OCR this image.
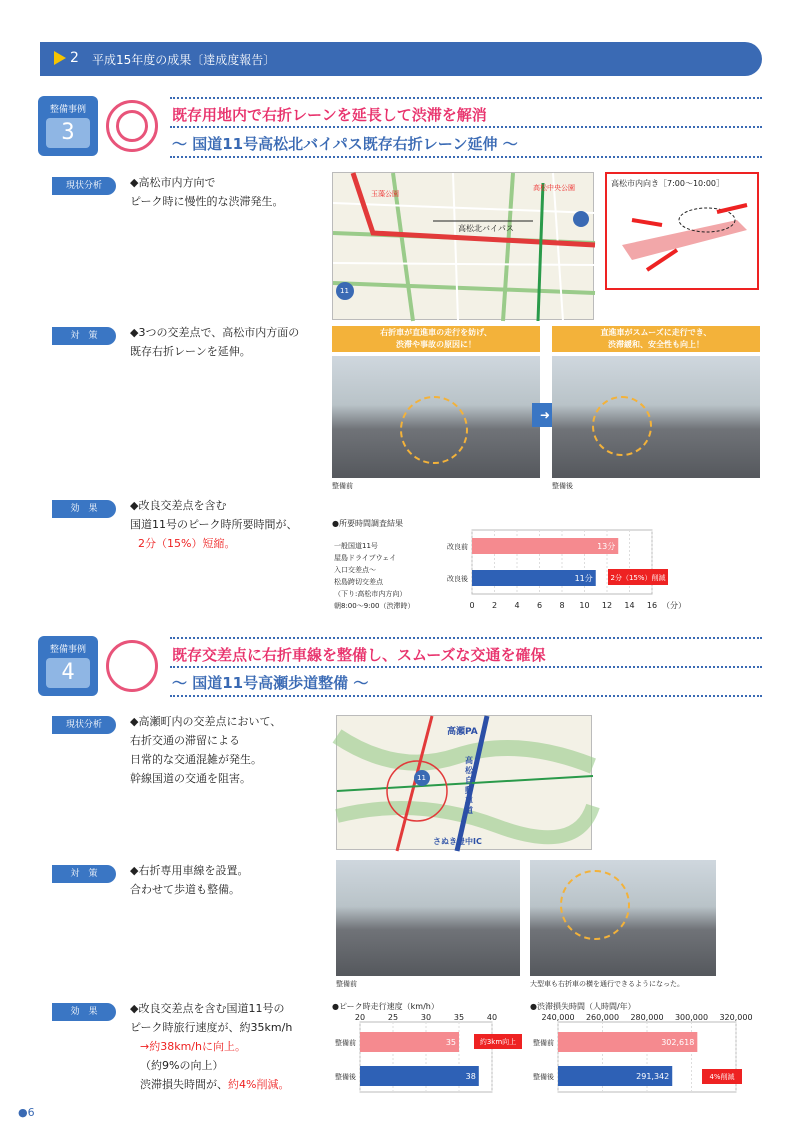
2 平成15年度の成果〔達成度報告〕
整備事例
3
既存用地内で右折レーンを延長して渋滞を解消
～ 国道11号高松北バイパス既存右折レーン延伸 ～
現状分析	◆高松市内方向で
ピーク時に慢性的な渋滞発生。
高松北バイパス
高松中央公園
玉藻公園
11
高松市内向き［7:00～10:00］
対　策	◆3つの交差点で、高松市内方面の
既存右折レーンを延伸。
右折車が直進車の走行を妨げ、
渋滞や事故の原因に！
直進車がスムーズに走行でき、
渋滞緩和、安全性も向上！
➜
整備前	整備後
効　果	◆改良交差点を含む
国道11号のピーク時所要時間が、
2分（15%）短縮。
●所要時間調査結果
一般国道11号
屋島ドライブウェイ
入口交差点～
松島跨切交差点
（下り:高松市内方向）
朝8:00～9:00（渋滞時）	0 2 4 6 8 10 12 14 16
改良前	13分
改良後	11分
（分）
2分（15%）削減
整備事例
4
既存交差点に右折車線を整備し、スムーズな交通を確保
～ 国道11号高瀬歩道整備 ～
現状分析	◆高瀬町内の交差点において、
右折交通の滞留による
日常的な交通混雑が発生。
幹線国道の交通を阻害。
高瀬PA
高松自動車道
さぬき豊中IC
11
対　策	◆右折専用車線を設置。
合わせて歩道も整備。
整備前	大型車も右折車の横を通行できるようになった。
効　果	◆改良交差点を含む国道11号の
ピーク時旅行速度が、約35km/h
→約38km/hに向上。
（約9%の向上）
渋滞損失時間が、 約4%削減。
20	25	30	35	40
整備前	35
整備後	38
●ピーク時走行速度（km/h）
約3km向上
240,000 260,000 280,000 300,000 320,000
整備前	302,618
整備後	291,342
●渋滞損失時間（人時間/年）
4%削減
●6
